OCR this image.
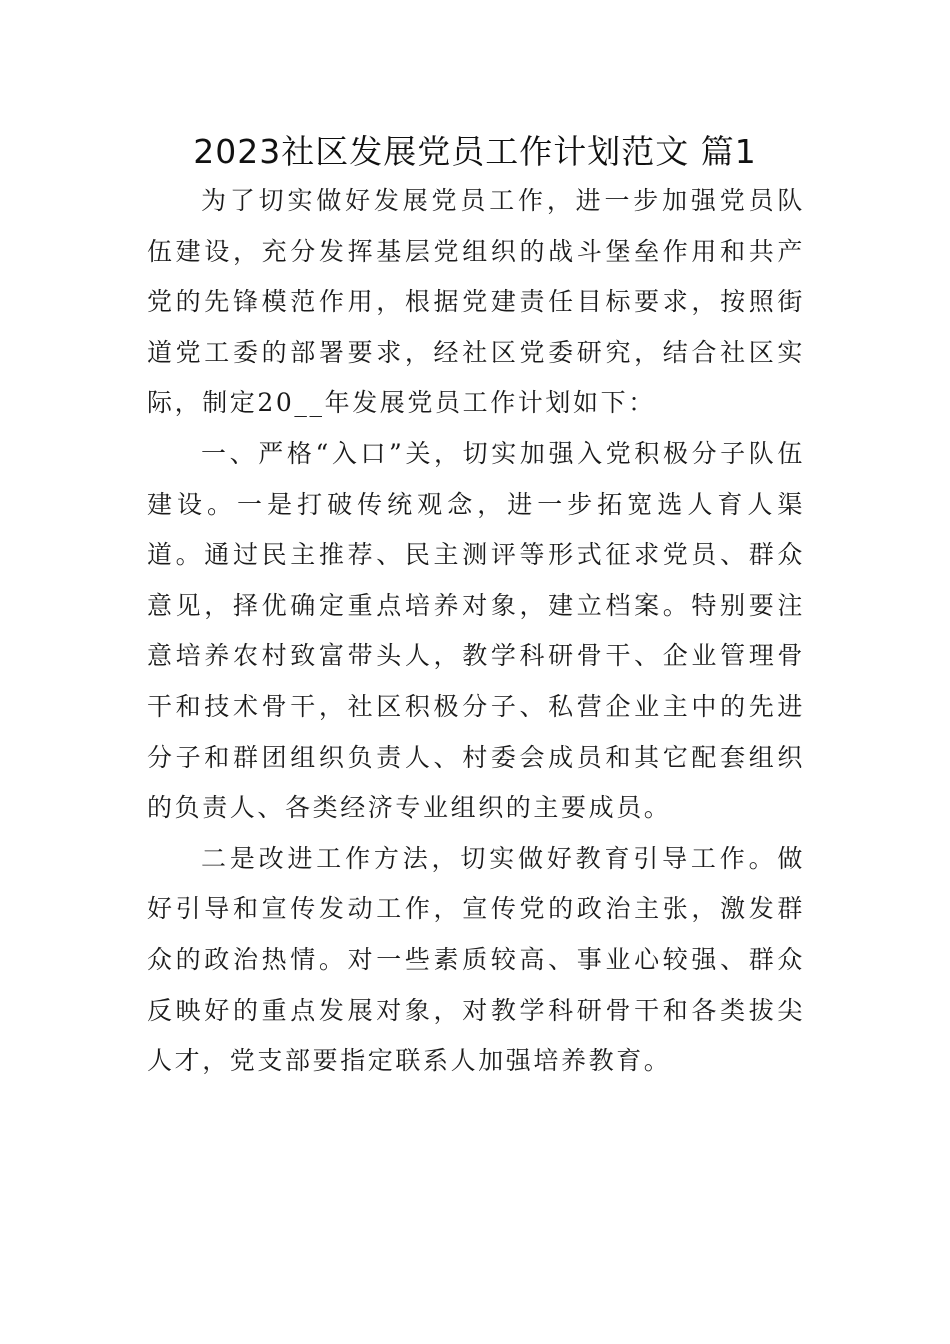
2023社区发展党员工作计划范文 篇1

为了切实做好发展党员工作，进一步加强党员队伍建设，充分发挥基层党组织的战斗堡垒作用和共产党的先锋模范作用，根据党建责任目标要求，按照街道党工委的部署要求，经社区党委研究，结合社区实际，制定20__年发展党员工作计划如下：

一、严格“入口”关，切实加强入党积极分子队伍建设。一是打破传统观念，进一步拓宽选人育人渠道。通过民主推荐、民主测评等形式征求党员、群众意见，择优确定重点培养对象，建立档案。特别要注意培养农村致富带头人，教学科研骨干、企业管理骨干和技术骨干，社区积极分子、私营企业主中的先进分子和群团组织负责人、村委会成员和其它配套组织的负责人、各类经济专业组织的主要成员。

二是改进工作方法，切实做好教育引导工作。做好引导和宣传发动工作，宣传党的政治主张，激发群众的政治热情。对一些素质较高、事业心较强、群众反映好的重点发展对象，对教学科研骨干和各类拔尖人才，党支部要指定联系人加强培养教育。
